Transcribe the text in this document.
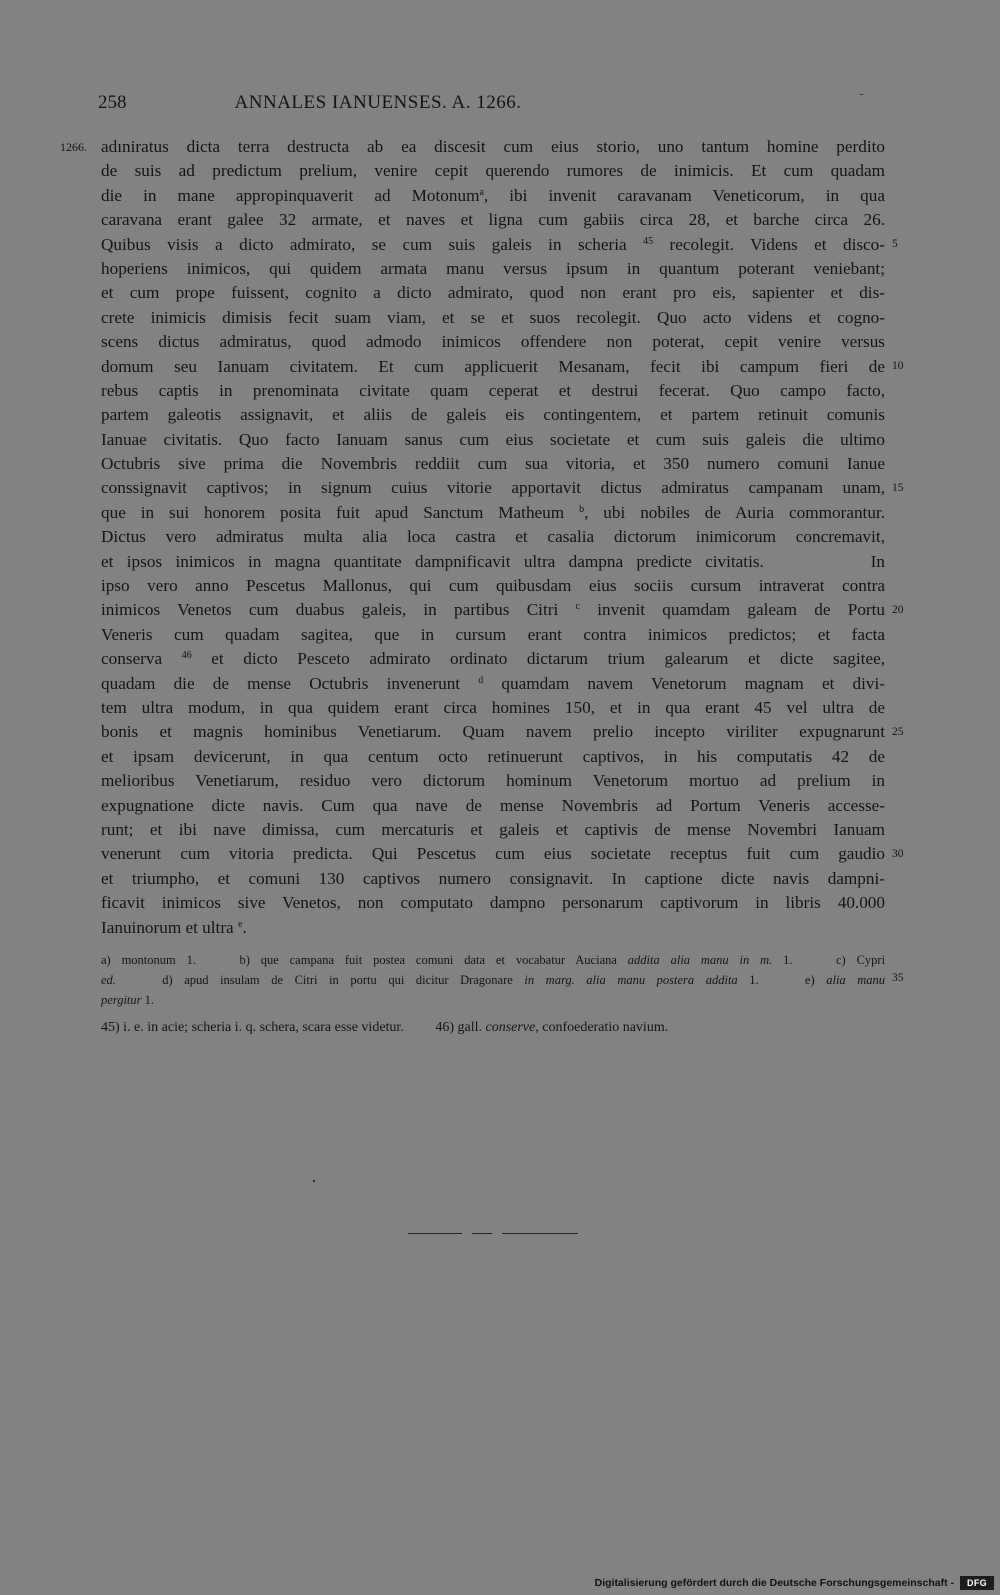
258	ANNALES IANUENSES. A. 1266.
1266. adıniratus dicta terra destructa ab ea discesit cum eius storio, uno tantum homine perdito
de suis ad predictum prelium, venire cepit querendo rumores de inimicis. Et cum quadam
die in mane appropinquaverit ad Motonum$^a$, ibi invenit caravanam Veneticorum, in qua
caravana erant galee 32 armate, et naves et ligna cum gabiis circa 28, et barche circa 26.
Quibus visis a dicto admirato, se cum suis galeis in scheria $^{45}$ recolegit. Videns et disco-
hoperiens inimicos, qui quidem armata manu versus ipsum in quantum poterant veniebant;
et cum prope fuissent, cognito a dicto admirato, quod non erant pro eis, sapienter et dis-
crete inimicis dimisis fecit suam viam, et se et suos recolegit. Quo acto videns et cogno-
scens dictus admiratus, quod admodo inimicos offendere non poterat, cepit venire versus
domum seu Ianuam civitatem. Et cum applicuerit Mesanam, fecit ibi campum fieri de
rebus captis in prenominata civitate quam ceperat et destrui fecerat. Quo campo facto,
partem galeotis assignavit, et aliis de galeis eis contingentem, et partem retinuit comunis
Ianuae civitatis. Quo facto Ianuam sanus cum eius societate et cum suis galeis die ultimo
Octubris sive prima die Novembris reddiit cum sua vitoria, et 350 numero comuni Ianue
conssignavit captivos; in signum cuius vitorie apportavit dictus admiratus campanam unam,
que in sui honorem posita fuit apud Sanctum Matheum $^b$, ubi nobiles de Auria commorantur.
Dictus vero admiratus multa alia loca castra et casalia dictorum inimicorum concremavit,
et ipsos inimicos in magna quantitate dampnificavit ultra dampna predicte civitatis.	In
ipso vero anno Pescetus Mallonus, qui cum quibusdam eius sociis cursum intraverat contra
inimicos Venetos cum duabus galeis, in partibus Citri $^c$ invenit quamdam galeam de Portu
Veneris cum quadam sagitea, que in cursum erant contra inimicos predictos; et facta
conserva $^{46}$ et dicto Pesceto admirato ordinato dictarum trium galearum et dicte sagitee,
quadam die de mense Octubris invenerunt $^d$ quamdam navem Venetorum magnam et divi-
tem ultra modum, in qua quidem erant circa homines 150, et in qua erant 45 vel ultra de
bonis et magnis hominibus Venetiarum. Quam navem prelio incepto viriliter expugnarunt
et ipsam devicerunt, in qua centum octo retinuerunt captivos, in his computatis 42 de
melioribus Venetiarum, residuo vero dictorum hominum Venetorum mortuo ad prelium in
expugnatione dicte navis. Cum qua nave de mense Novembris ad Portum Veneris accesse-
runt; et ibi nave dimissa, cum mercaturis et galeis et captivis de mense Novembri Ianuam
venerunt cum vitoria predicta. Qui Pescetus cum eius societate receptus fuit cum gaudio
et triumpho, et comuni 130 captivos numero consignavit. In captione dicte navis dampni-
ficavit inimicos sive Venetos, non computato dampno personarum captivorum in libris 40.000
Ianuinorum et ultra $^e$.
5
10
15
20
25
30
a) montonum 1.	b) que campana fuit postea comuni data et vocabatur Auciana addita alia manu in m. 1.	c) Cypri
ed.	d) apud insulam de Citri in portu qui dicitur Dragonare in marg. alia manu postera addita 1.	e) alia manu
pergitur 1.
35
45) i. e. in acie; scheria i. q. schera, scara esse videtur. 46) gall. conserve, confoederatio navium.
Digitalisierung gefördert durch die Deutsche Forschungsgemeinschaft -	DFG
